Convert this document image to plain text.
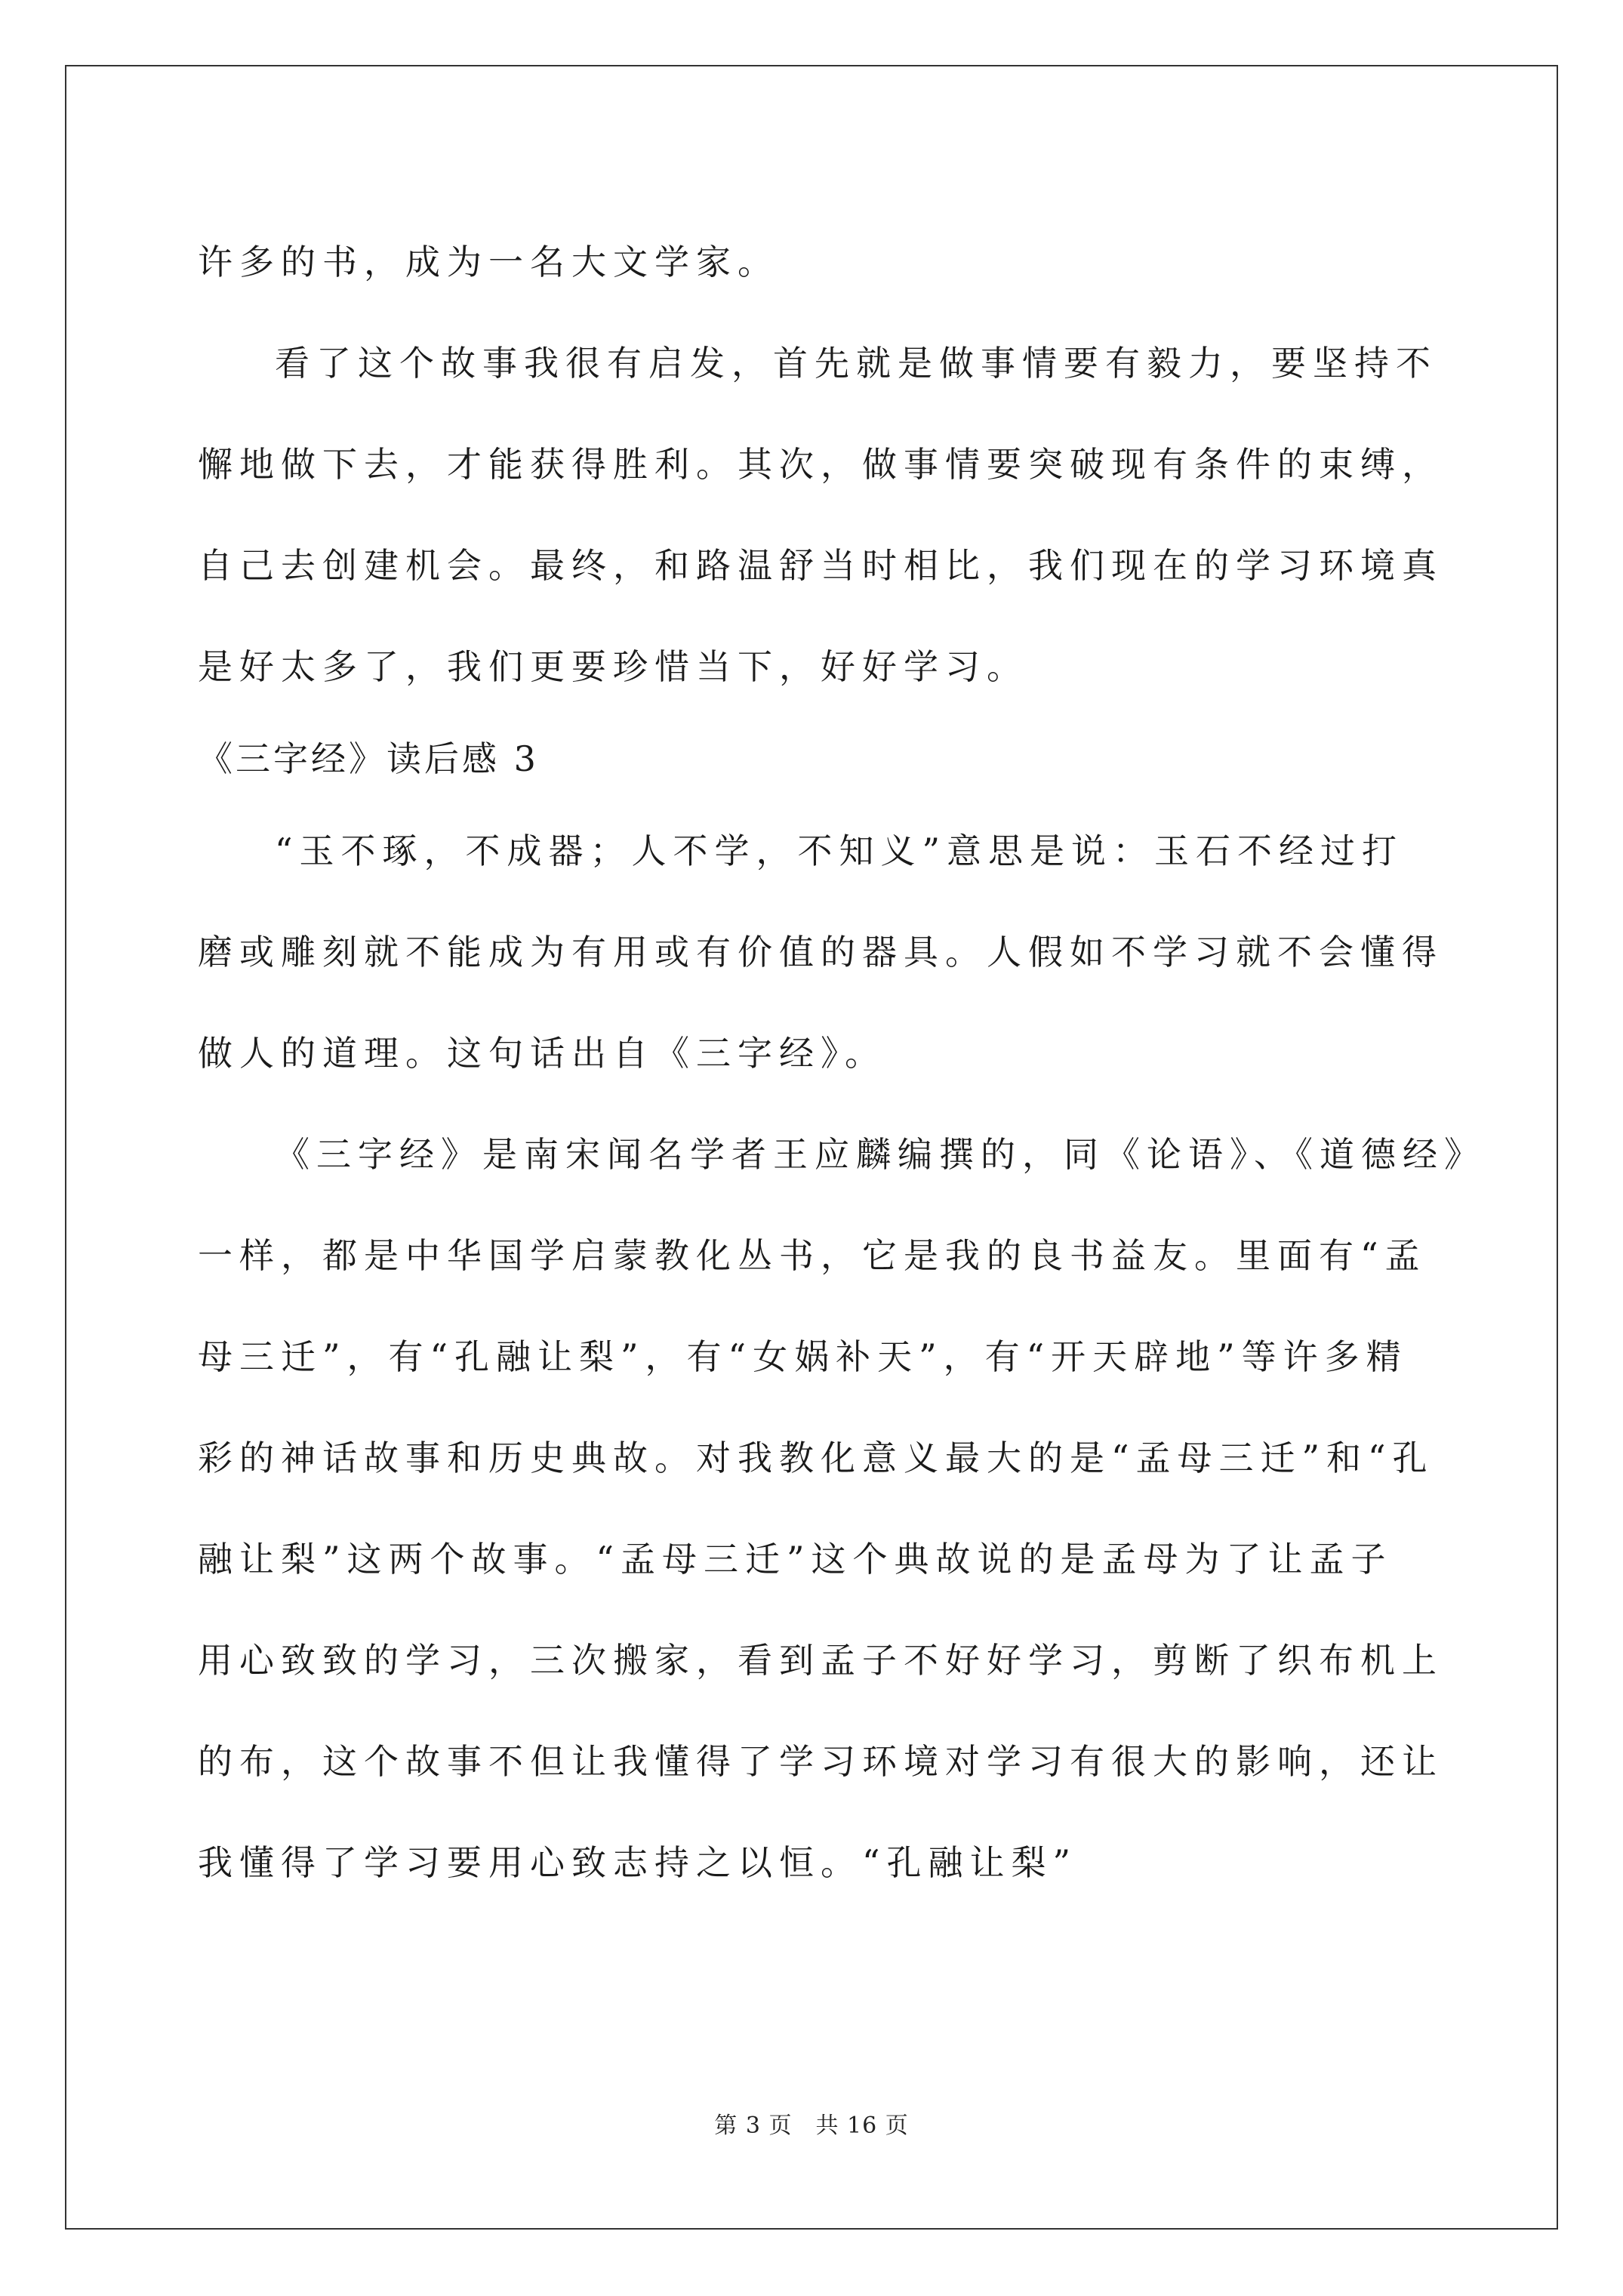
许多的书，成为一名大文学家。
看了这个故事我很有启发，首先就是做事情要有毅力，要坚持不
懈地做下去，才能获得胜利。其次，做事情要突破现有条件的束缚，
自己去创建机会。最终，和路温舒当时相比，我们现在的学习环境真
是好太多了，我们更要珍惜当下，好好学习。
《三字经》读后感 3
“玉不琢，不成器；人不学，不知义”意思是说：玉石不经过打
磨或雕刻就不能成为有用或有价值的器具。人假如不学习就不会懂得
做人的道理。这句话出自《三字经》。
《三字经》是南宋闻名学者王应麟编撰的，同《论语》、《道德经》
一样，都是中华国学启蒙教化丛书，它是我的良书益友。里面有“孟
母三迁”，有“孔融让梨”，有“女娲补天”，有“开天辟地”等许多精
彩的神话故事和历史典故。对我教化意义最大的是“孟母三迁”和“孔
融让梨”这两个故事。“孟母三迁”这个典故说的是孟母为了让孟子
用心致致的学习，三次搬家，看到孟子不好好学习，剪断了织布机上
的布，这个故事不但让我懂得了学习环境对学习有很大的影响，还让
我懂得了学习要用心致志持之以恒。“孔融让梨”
第 3 页　共 16 页
